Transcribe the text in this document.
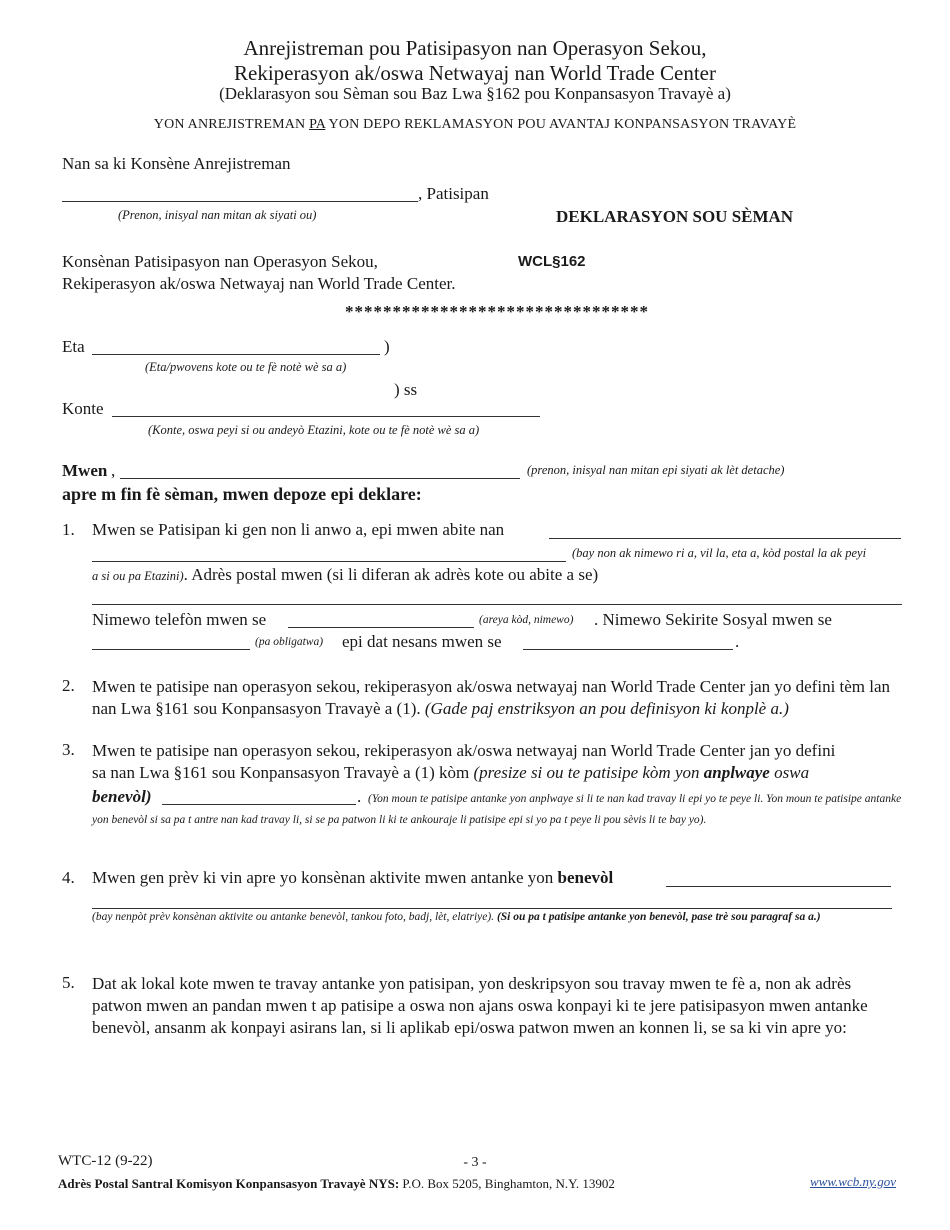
Anrejistreman pou Patisipasyon nan Operasyon Sekou,
Rekiperasyon ak/oswa Netwayaj nan World Trade Center
(Deklarasyon sou Sèman sou Baz Lwa §162 pou Konpansasyon Travayè a)
YON ANREJISTREMAN PA YON DEPO REKLAMASYON POU AVANTAJ KONPANSASYON TRAVAYÈ
Nan sa ki Konsène Anrejistreman
, Patisipan
(Prenon, inisyal nan mitan ak siyati ou)	DEKLARASYON SOU SÈMAN
Konsènan Patisipasyon nan Operasyon Sekou,
Rekiperasyon ak/oswa Netwayaj nan World Trade Center.
WCL§162
********************************
Eta	)
(Eta/pwovens kote ou te fè notè wè sa a)
) ss
Konte
(Konte, oswa peyi si ou andeyò Etazini, kote ou te fè notè wè sa a)
Mwen ,	(prenon, inisyal nan mitan epi siyati ak lèt detache)
apre m fin fè sèman, mwen depoze epi deklare:
1. Mwen se Patisipan ki gen non li anwo a, epi mwen abite nan
(bay non ak nimewo ri a, vil la, eta a, kòd postal la ak peyi
a si ou pa Etazini). Adrès postal mwen (si li diferan ak adrès kote ou abite a se)
Nimewo telefòn mwen se	(areya kòd, nimewo) . Nimewo Sekirite Sosyal mwen se
(pa obligatwa) epi dat nesans mwen se	.
2. Mwen te patisipe nan operasyon sekou, rekiperasyon ak/oswa netwayaj nan World Trade Center jan yo defini tèm lan nan Lwa §161 sou Konpansasyon Travayè a (1). (Gade paj enstriksyon an pou definisyon ki konplè a.)
3. Mwen te patisipe nan operasyon sekou, rekiperasyon ak/oswa netwayaj nan World Trade Center jan yo defini
sa nan Lwa §161 sou Konpansasyon Travayè a (1) kòm (presize si ou te patisipe kòm yon anplwaye oswa
benevòl)	. (Yon moun te patisipe antanke yon anplwaye si li te nan kad travay li epi yo te peye li. Yon moun te patisipe antanke yon benevòl si sa pa t antre nan kad travay li, si se pa patwon li ki te ankouraje li patisipe epi si yo pa t peye li pou sèvis li te bay yo).
4. Mwen gen prèv ki vin apre yo konsènan aktivite mwen antanke yon benevòl
(bay nenpòt prèv konsènan aktivite ou antanke benevòl, tankou foto, badj, lèt, elatriye). (Si ou pa t patisipe antanke yon benevòl, pase trè sou paragraf sa a.)
5. Dat ak lokal kote mwen te travay antanke yon patisipan, yon deskripsyon sou travay mwen te fè a, non ak adrès patwon mwen an pandan mwen t ap patisipe a oswa non ajans oswa konpayi ki te jere patisipasyon mwen antanke benevòl, ansanm ak konpayi asirans lan, si li aplikab epi/oswa patwon mwen an konnen li, se sa ki vin apre yo:
WTC-12 (9-22)	- 3 -
Adrès Postal Santral Komisyon Konpansasyon Travayè NYS: P.O. Box 5205, Binghamton, N.Y. 13902	www.wcb.ny.gov
